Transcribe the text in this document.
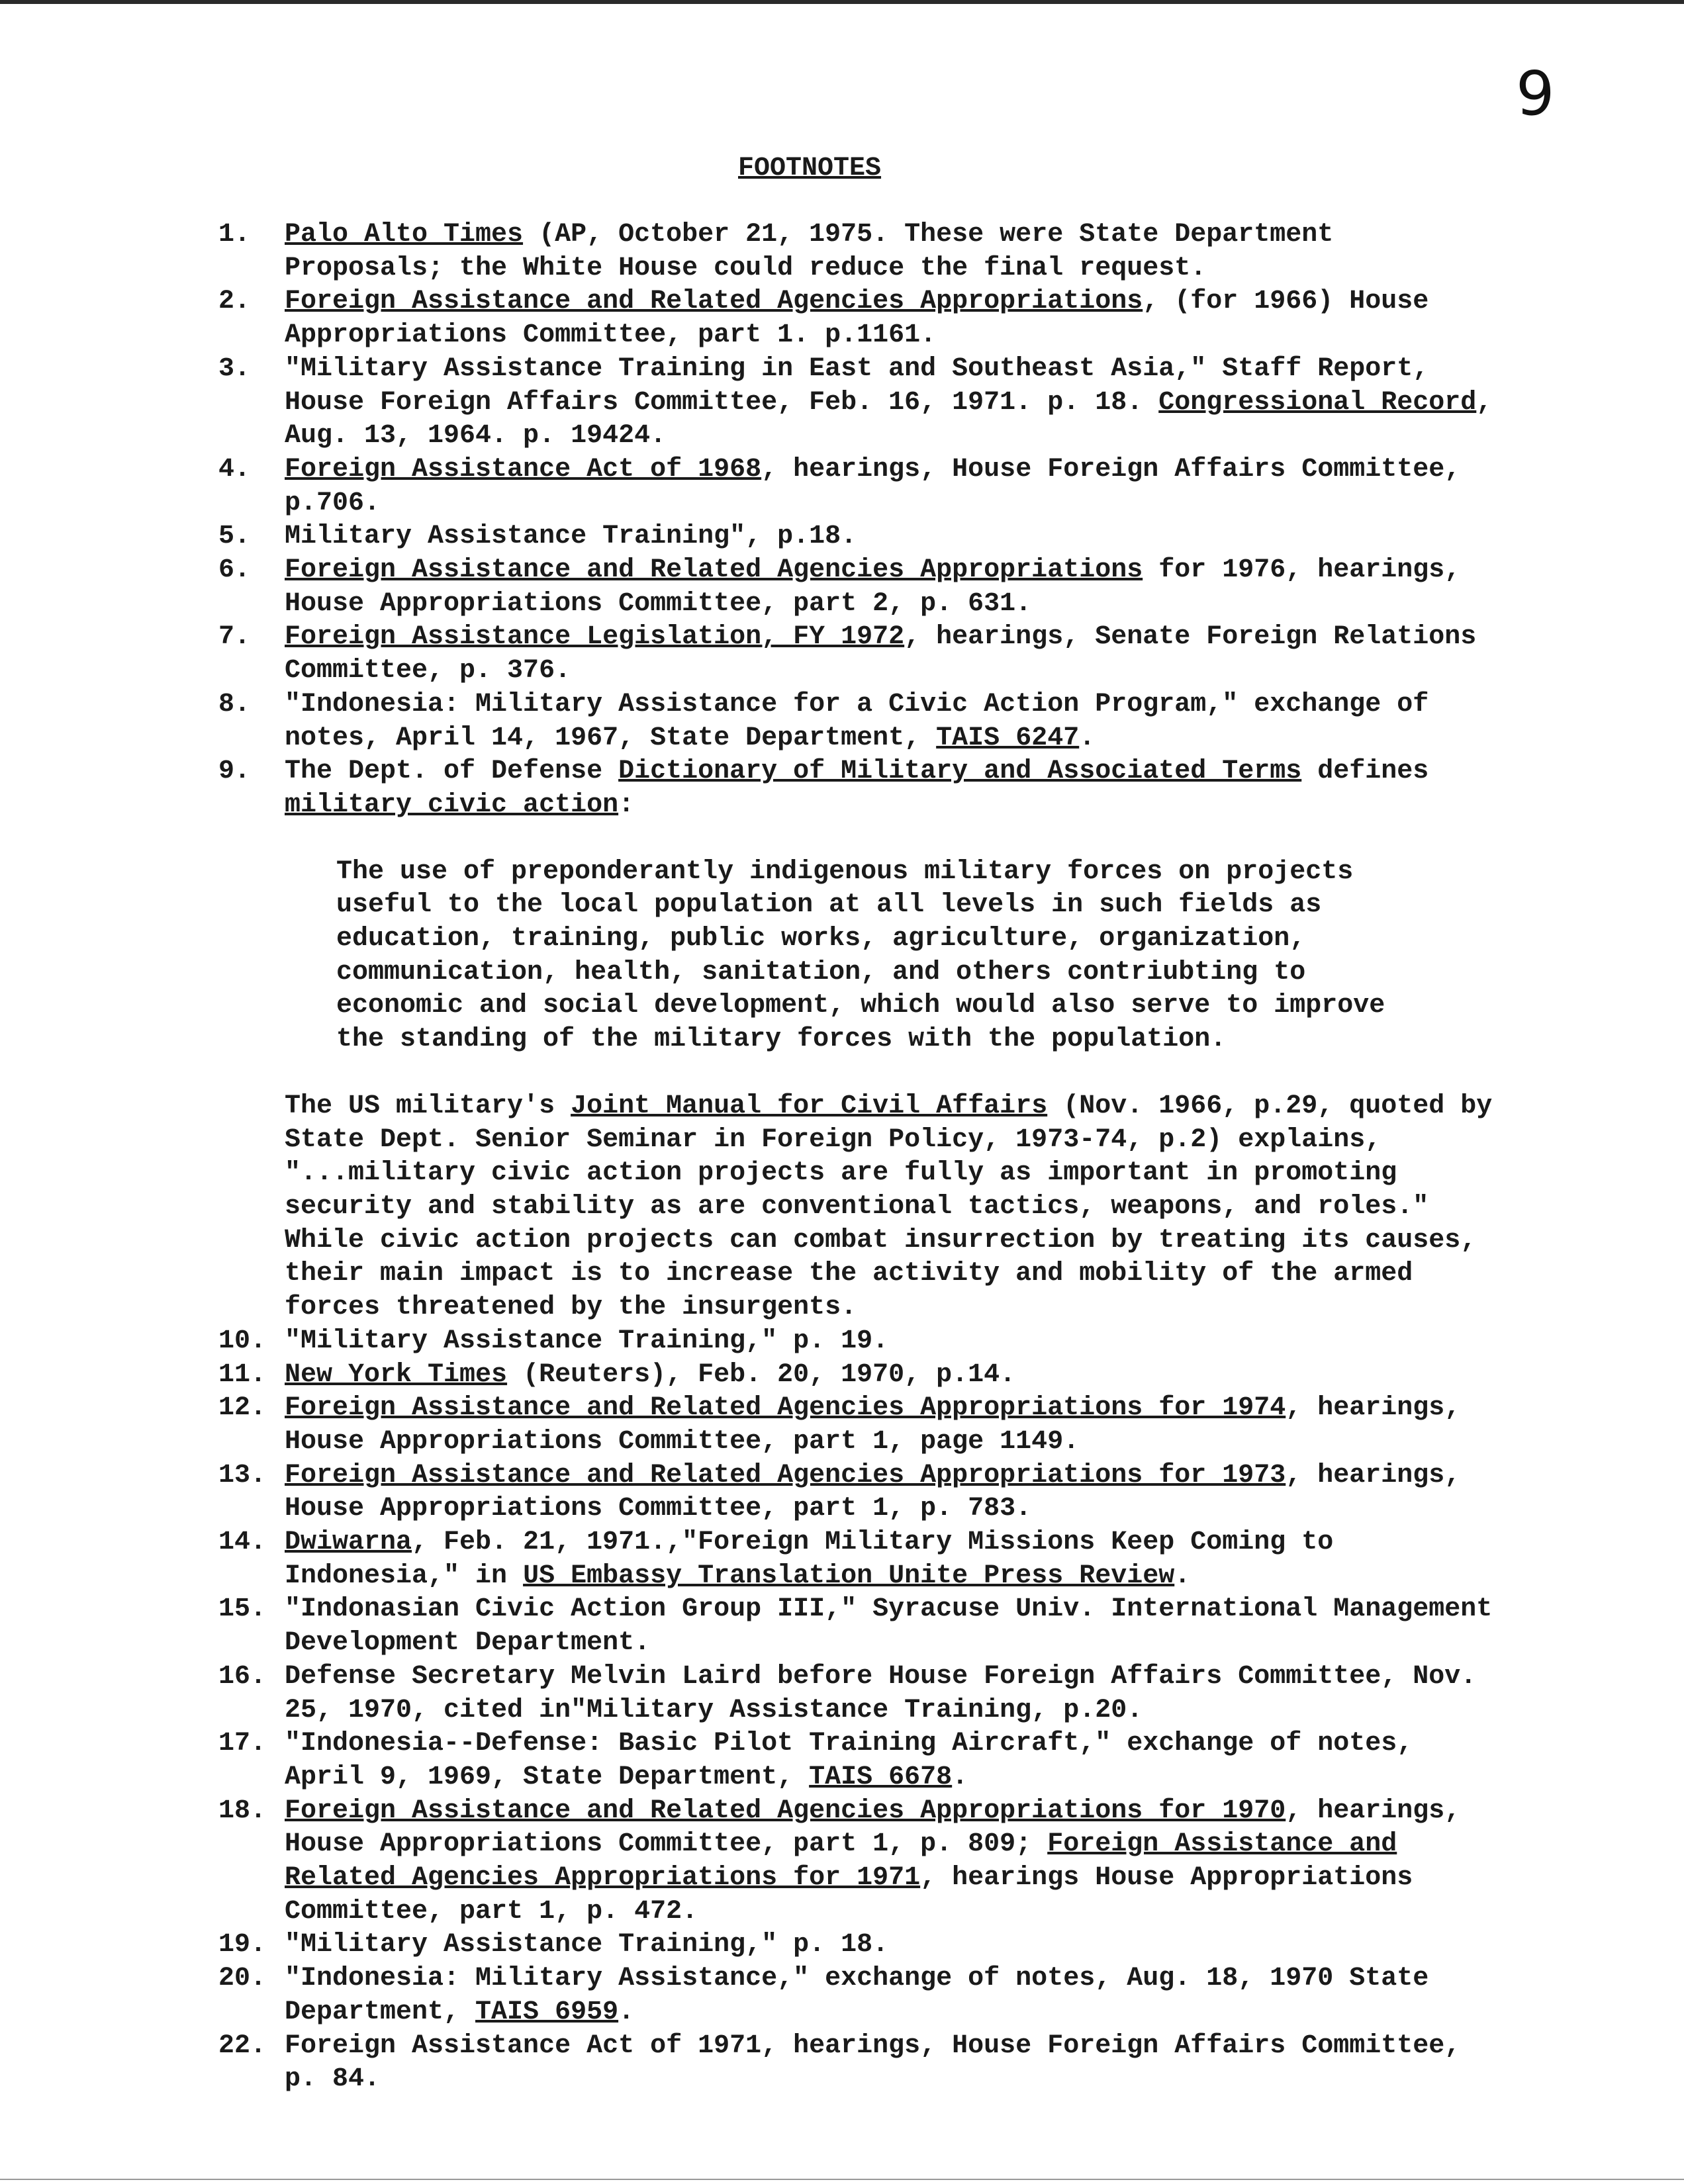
9
FOOTNOTES
1.	Palo Alto Times (AP, October 21, 1975. These were State Department Proposals; the White House could reduce the final request.
2.	Foreign Assistance and Related Agencies Appropriations, (for 1966) House Appropriations Committee, part 1. p.1161.
3.	"Military Assistance Training in East and Southeast Asia," Staff Report, House Foreign Affairs Committee, Feb. 16, 1971. p. 18. Congressional Record, Aug. 13, 1964. p. 19424.
4.	Foreign Assistance Act of 1968, hearings, House Foreign Affairs Committee, p.706.
5.	Military Assistance Training", p.18.
6.	Foreign Assistance and Related Agencies Appropriations for 1976, hearings, House Appropriations Committee, part 2, p. 631.
7.	Foreign Assistance Legislation, FY 1972, hearings, Senate Foreign Relations Committee, p. 376.
8.	"Indonesia: Military Assistance for a Civic Action Program," exchange of notes, April 14, 1967, State Department, TAIS 6247.
9.	The Dept. of Defense Dictionary of Military and Associated Terms defines military civic action:
The use of preponderantly indigenous military forces on projects useful to the local population at all levels in such fields as education, training, public works, agriculture, organization, communication, health, sanitation, and others contriubting to economic and social development, which would also serve to improve the standing of the military forces with the population.
The US military's Joint Manual for Civil Affairs (Nov. 1966, p.29, quoted by State Dept. Senior Seminar in Foreign Policy, 1973-74, p.2) explains, "...military civic action projects are fully as important in promoting security and stability as are conventional tactics, weapons, and roles." While civic action projects can combat insurrection by treating its causes, their main impact is to increase the activity and mobility of the armed forces threatened by the insurgents.
10. "Military Assistance Training," p. 19.
11. New York Times (Reuters), Feb. 20, 1970, p.14.
12. Foreign Assistance and Related Agencies Appropriations for 1974, hearings, House Appropriations Committee, part 1, page 1149.
13. Foreign Assistance and Related Agencies Appropriations for 1973, hearings, House Appropriations Committee, part 1, p. 783.
14. Dwiwarna, Feb. 21, 1971.,"Foreign Military Missions Keep Coming to Indonesia," in US Embassy Translation Unite Press Review.
15. "Indonasian Civic Action Group III," Syracuse Univ. International Management Development Department.
16. Defense Secretary Melvin Laird before House Foreign Affairs Committee, Nov. 25, 1970, cited in"Military Assistance Training, p.20.
17. "Indonesia--Defense: Basic Pilot Training Aircraft," exchange of notes, April 9, 1969, State Department, TAIS 6678.
18. Foreign Assistance and Related Agencies Appropriations for 1970, hearings, House Appropriations Committee, part 1, p. 809; Foreign Assistance and Related Agencies Appropriations for 1971, hearings House Appropriations Committee, part 1, p. 472.
19. "Military Assistance Training," p. 18.
20. "Indonesia: Military Assistance," exchange of notes, Aug. 18, 1970 State Department, TAIS 6959.
22. Foreign Assistance Act of 1971, hearings, House Foreign Affairs Committee, p. 84.
